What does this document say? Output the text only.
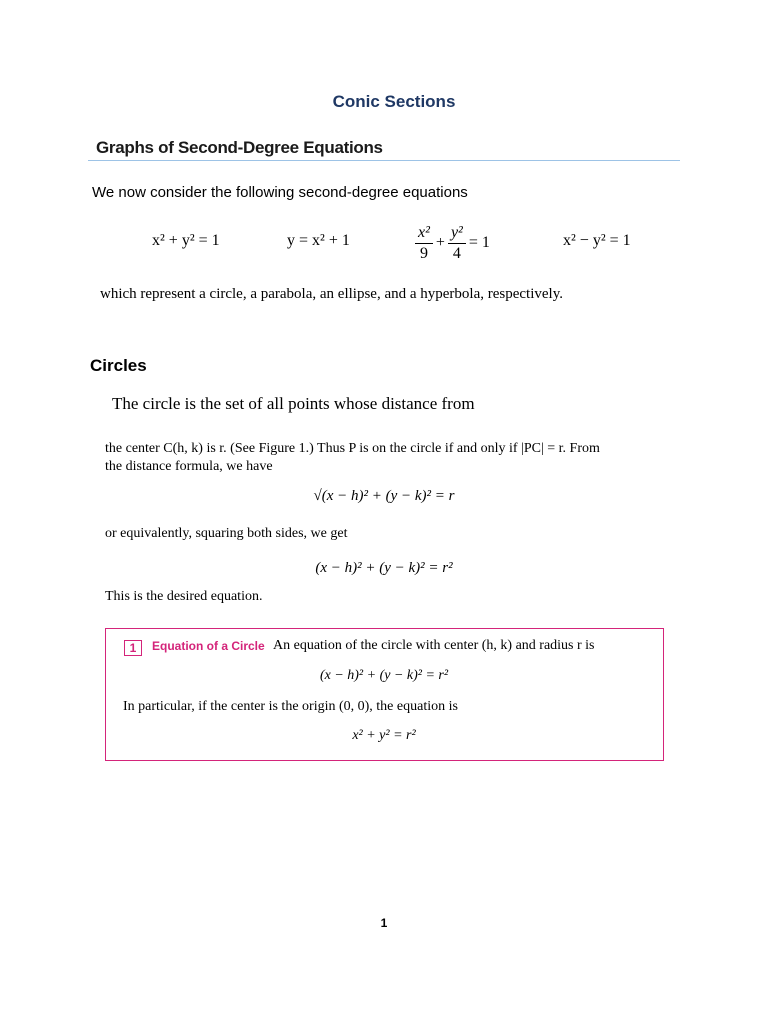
Conic Sections
Graphs of Second-Degree Equations
We now consider the following second-degree equations
x² + y² = 1	y = x² + 1	$\frac{\text{x²}}{9} + \frac{\text{y²}}{4} = 1$	x² − y² = 1
which represent a circle, a parabola, an ellipse, and a hyperbola, respectively.
Circles
The circle is the set of all points whose distance from
the center C(h, k) is r. (See Figure 1.) Thus P is on the circle if and only if |PC| = r. From
the distance formula, we have
√(x − h)² + (y − k)² = r
or equivalently, squaring both sides, we get
(x − h)² + (y − k)² = r²
This is the desired equation.
1	Equation of a Circle An equation of the circle with center (h, k) and radius r is
(x − h)² + (y − k)² = r²
In particular, if the center is the origin (0, 0), the equation is
x² + y² = r²
1
